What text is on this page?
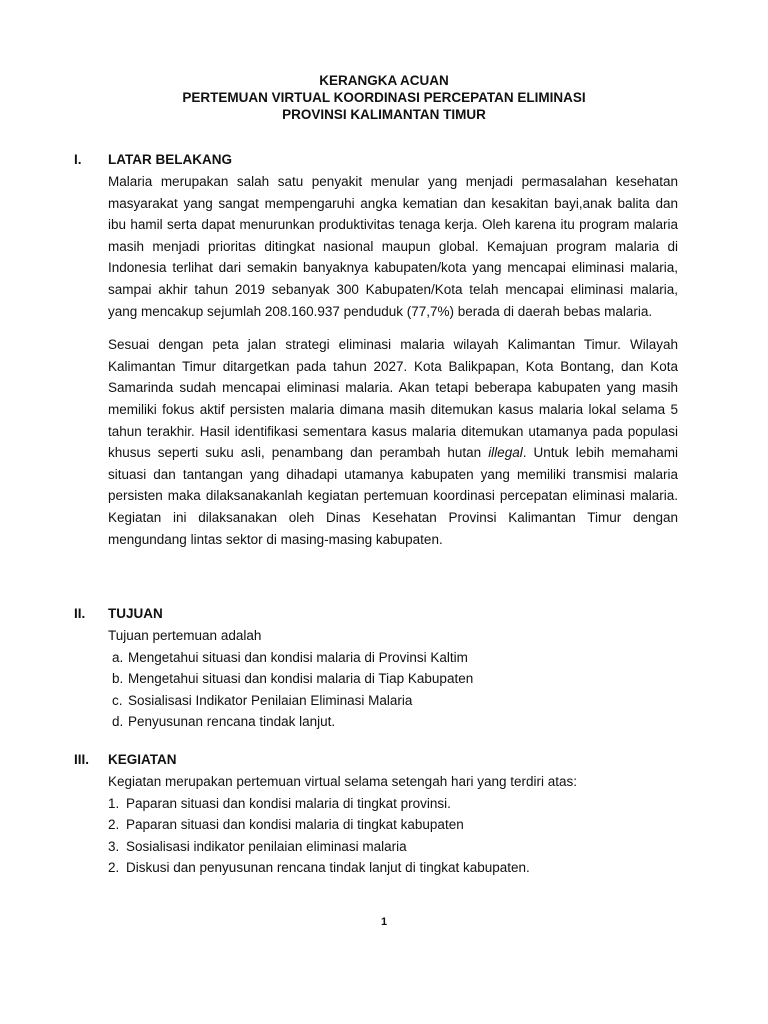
KERANGKA ACUAN
PERTEMUAN VIRTUAL KOORDINASI PERCEPATAN ELIMINASI
PROVINSI KALIMANTAN TIMUR
I. LATAR BELAKANG

Malaria merupakan salah satu penyakit menular yang menjadi permasalahan kesehatan masyarakat yang sangat mempengaruhi angka kematian dan kesakitan bayi,anak balita dan ibu hamil serta dapat menurunkan produktivitas tenaga kerja. Oleh karena itu program malaria masih menjadi prioritas ditingkat nasional maupun global. Kemajuan program malaria di Indonesia terlihat dari semakin banyaknya kabupaten/kota yang mencapai eliminasi malaria, sampai akhir tahun 2019 sebanyak 300 Kabupaten/Kota telah mencapai eliminasi malaria, yang mencakup sejumlah 208.160.937 penduduk (77,7%) berada di daerah bebas malaria.

Sesuai dengan peta jalan strategi eliminasi malaria wilayah Kalimantan Timur. Wilayah Kalimantan Timur ditargetkan pada tahun 2027. Kota Balikpapan, Kota Bontang, dan Kota Samarinda sudah mencapai eliminasi malaria. Akan tetapi beberapa kabupaten yang masih memiliki fokus aktif persisten malaria dimana masih ditemukan kasus malaria lokal selama 5 tahun terakhir. Hasil identifikasi sementara kasus malaria ditemukan utamanya pada populasi khusus seperti suku asli, penambang dan perambah hutan illegal. Untuk lebih memahami situasi dan tantangan yang dihadapi utamanya kabupaten yang memiliki transmisi malaria persisten maka dilaksanakanlah kegiatan pertemuan koordinasi percepatan eliminasi malaria. Kegiatan ini dilaksanakan oleh Dinas Kesehatan Provinsi Kalimantan Timur dengan mengundang lintas sektor di masing-masing kabupaten.

II. TUJUAN

Tujuan pertemuan adalah

a. Mengetahui situasi dan kondisi malaria di Provinsi Kaltim
b. Mengetahui situasi dan kondisi malaria di Tiap Kabupaten
c. Sosialisasi Indikator Penilaian Eliminasi Malaria
d. Penyusunan rencana tindak lanjut.
III. KEGIATAN

Kegiatan merupakan pertemuan virtual selama setengah hari yang terdiri atas:

1. Paparan situasi dan kondisi malaria di tingkat provinsi.
2. Paparan situasi dan kondisi malaria di tingkat kabupaten
3. Sosialisasi indikator penilaian eliminasi malaria
2. Diskusi dan penyusunan rencana tindak lanjut di tingkat kabupaten.
1
